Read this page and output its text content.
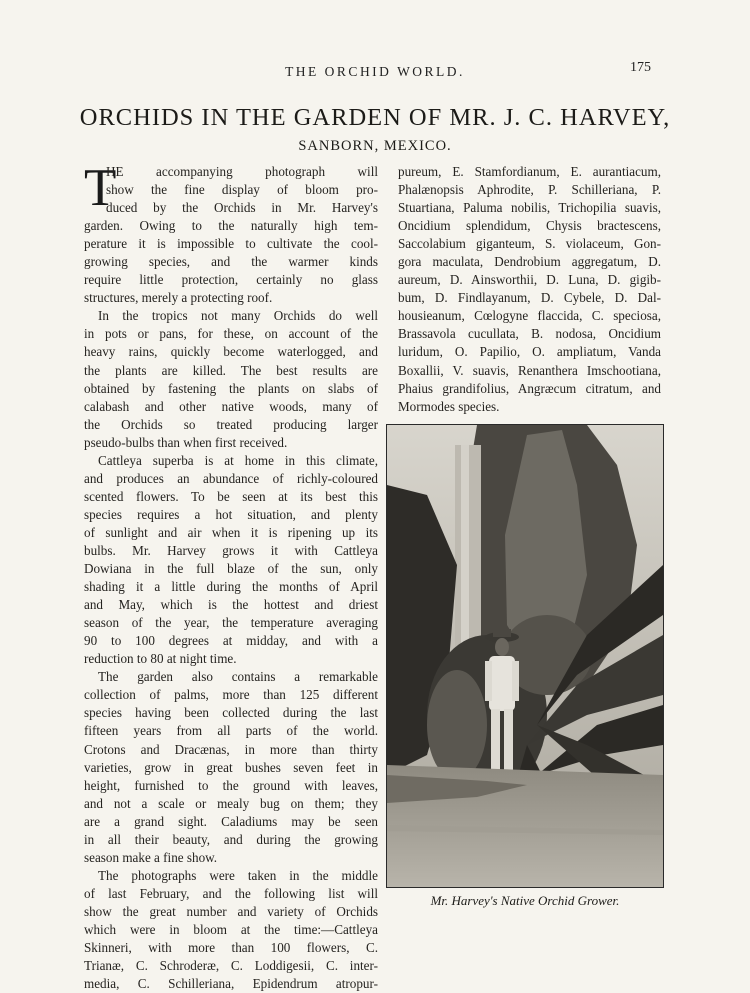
THE ORCHID WORLD.	175
ORCHIDS IN THE GARDEN OF MR. J. C. HARVEY,
SANBORN, MEXICO.
T
HE accompanying photograph will
show the fine display of bloom pro-
duced by the Orchids in Mr. Harvey's
garden. Owing to the naturally high tem-
perature it is impossible to cultivate the cool-
growing species, and the warmer kinds
require little protection, certainly no glass
structures, merely a protecting roof.
In the tropics not many Orchids do well
in pots or pans, for these, on account of the
heavy rains, quickly become waterlogged, and
the plants are killed. The best results are
obtained by fastening the plants on slabs of
calabash and other native woods, many of
the Orchids so treated producing larger
pseudo-bulbs than when first received.
Cattleya superba is at home in this climate,
and produces an abundance of richly-coloured
scented flowers. To be seen at its best this
species requires a hot situation, and plenty
of sunlight and air when it is ripening up its
bulbs. Mr. Harvey grows it with Cattleya
Dowiana in the full blaze of the sun, only
shading it a little during the months of April
and May, which is the hottest and driest
season of the year, the temperature averaging
90 to 100 degrees at midday, and with a
reduction to 80 at night time.
The garden also contains a remarkable
collection of palms, more than 125 different
species having been collected during the last
fifteen years from all parts of the world.
Crotons and Dracænas, in more than thirty
varieties, grow in great bushes seven feet in
height, furnished to the ground with leaves,
and not a scale or mealy bug on them; they
are a grand sight. Caladiums may be seen
in all their beauty, and during the growing
season make a fine show.
The photographs were taken in the middle
of last February, and the following list will
show the great number and variety of Orchids
which were in bloom at the time:—Cattleya
Skinneri, with more than 100 flowers, C.
Trianæ, C. Schroderæ, C. Loddigesii, C. inter-
media, C. Schilleriana, Epidendrum atropur-
pureum, E. Stamfordianum, E. aurantiacum,
Phalænopsis Aphrodite, P. Schilleriana, P.
Stuartiana, Paluma nobilis, Trichopilia suavis,
Oncidium splendidum, Chysis bractescens,
Saccolabium giganteum, S. violaceum, Gon-
gora maculata, Dendrobium aggregatum, D.
aureum, D. Ainsworthii, D. Luna, D. gigib-
bum, D. Findlayanum, D. Cybele, D. Dal-
housieanum, Cœlogyne flaccida, C. speciosa,
Brassavola cucullata, B. nodosa, Oncidium
luridum, O. Papilio, O. ampliatum, Vanda
Boxallii, V. suavis, Renanthera Imschootiana,
Phaius grandifolius, Angræcum citratum, and
Mormodes species.
Mr. Harvey's Native Orchid Grower.
